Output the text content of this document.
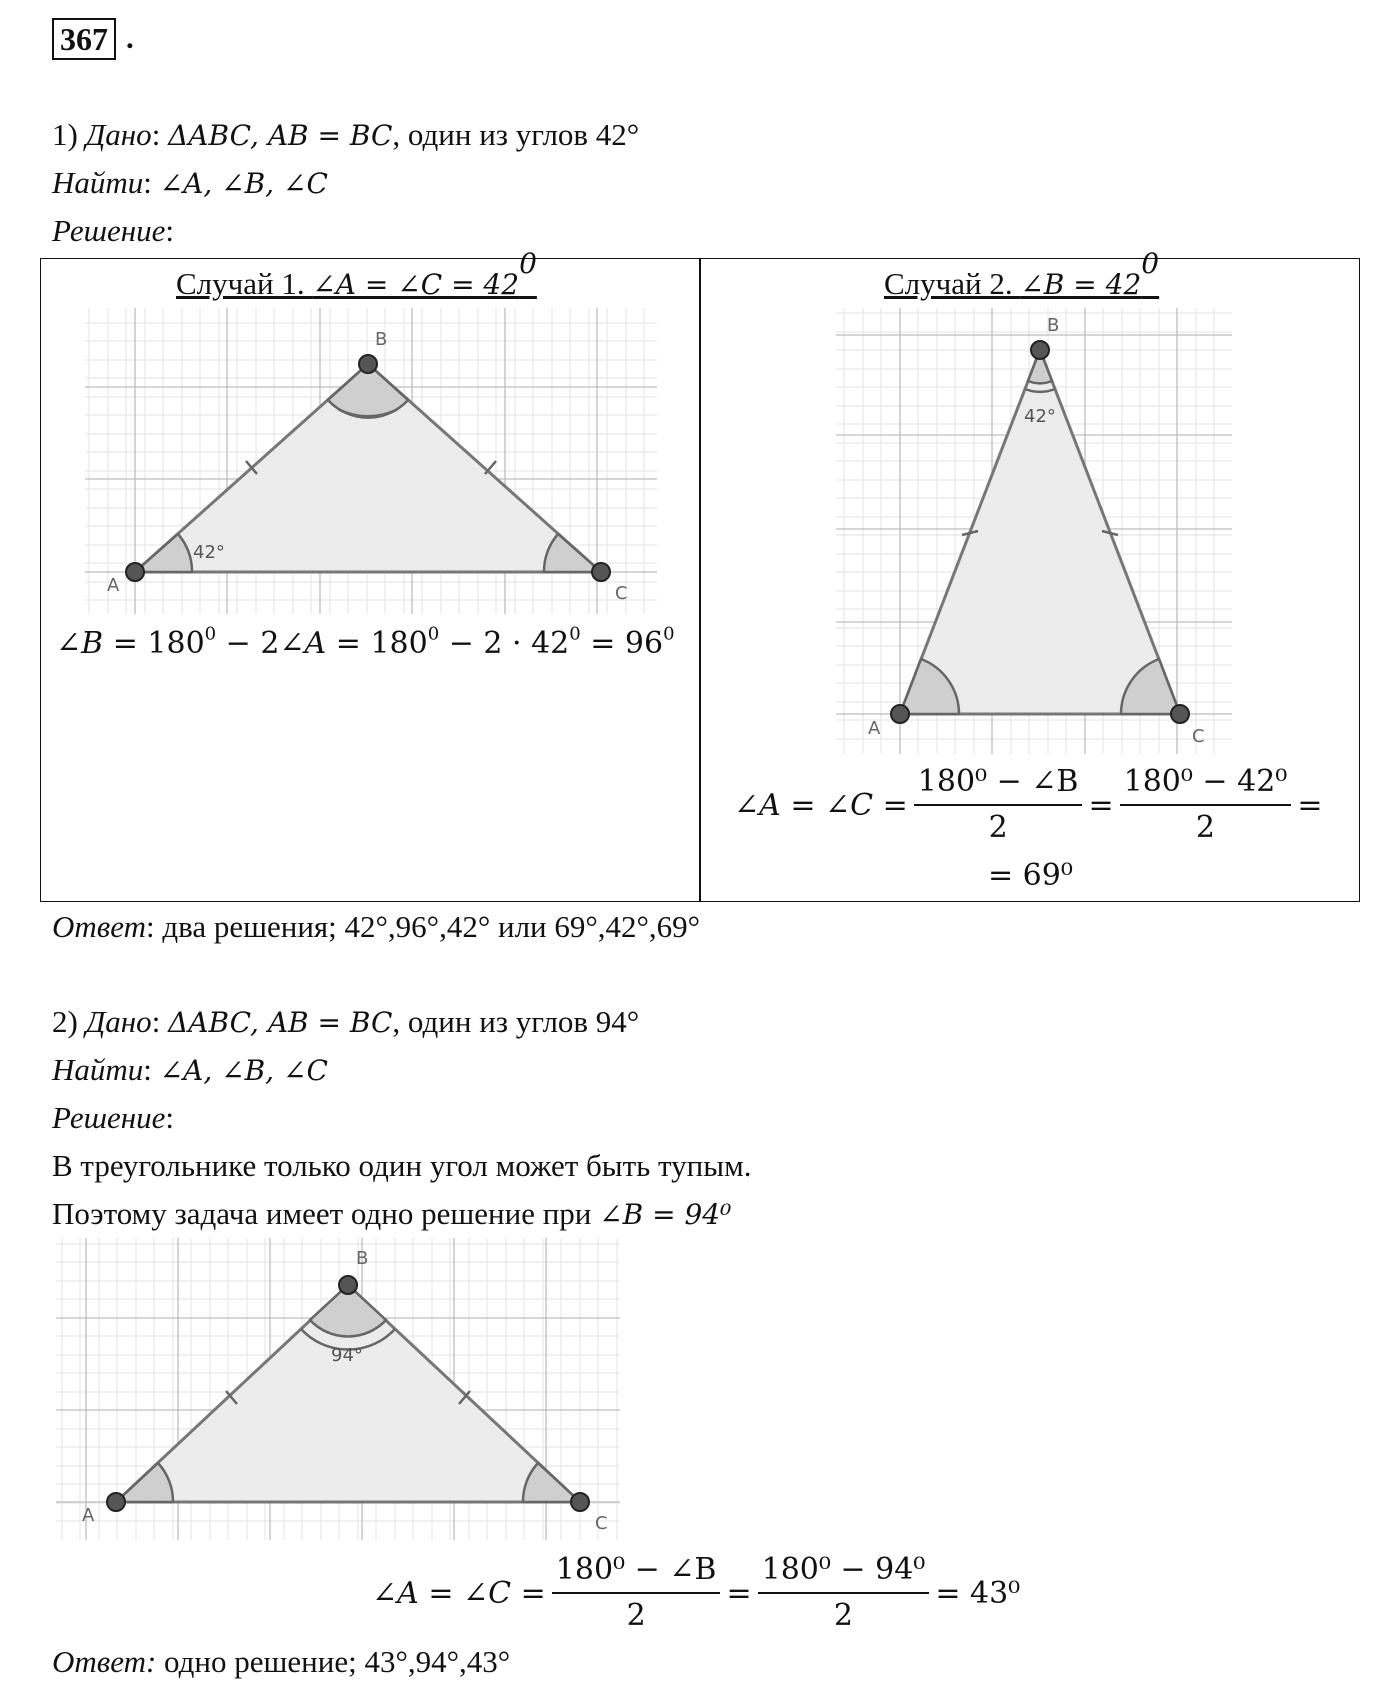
367 .
1) Дано: ΔABC, AB = BC, один из углов 42°
Найти: ∠A, ∠B, ∠C
Решение:
Случай 1. ∠A = ∠C = $42^0$
A
B
C
42°
∠B = $180^0$ − 2∠A = $180^0 - 2 \cdot 42^0 = 96^0$
Случай 2. ∠B = $42^0$
A
B
C
42°
∠A = ∠C = $\frac{\text{180⁰ − ∠B}}{2} = \frac{\text{180⁰ − 42⁰}}{2}$ =
= 69⁰
Ответ: два решения; 42°,96°,42° или 69°,42°,69°
2) Дано: ΔABC, AB = BC, один из углов 94°
Найти: ∠A, ∠B, ∠C
Решение:
В треугольнике только один угол может быть тупым.
Поэтому задача имеет одно решение при ∠B = 94⁰
A
B
C
94°
∠A = ∠C = $\frac{\text{180⁰ − ∠B}}{2} = \frac{\text{180⁰ − 94⁰}}{2} = 43^0$
Ответ: одно решение; 43°,94°,43°
